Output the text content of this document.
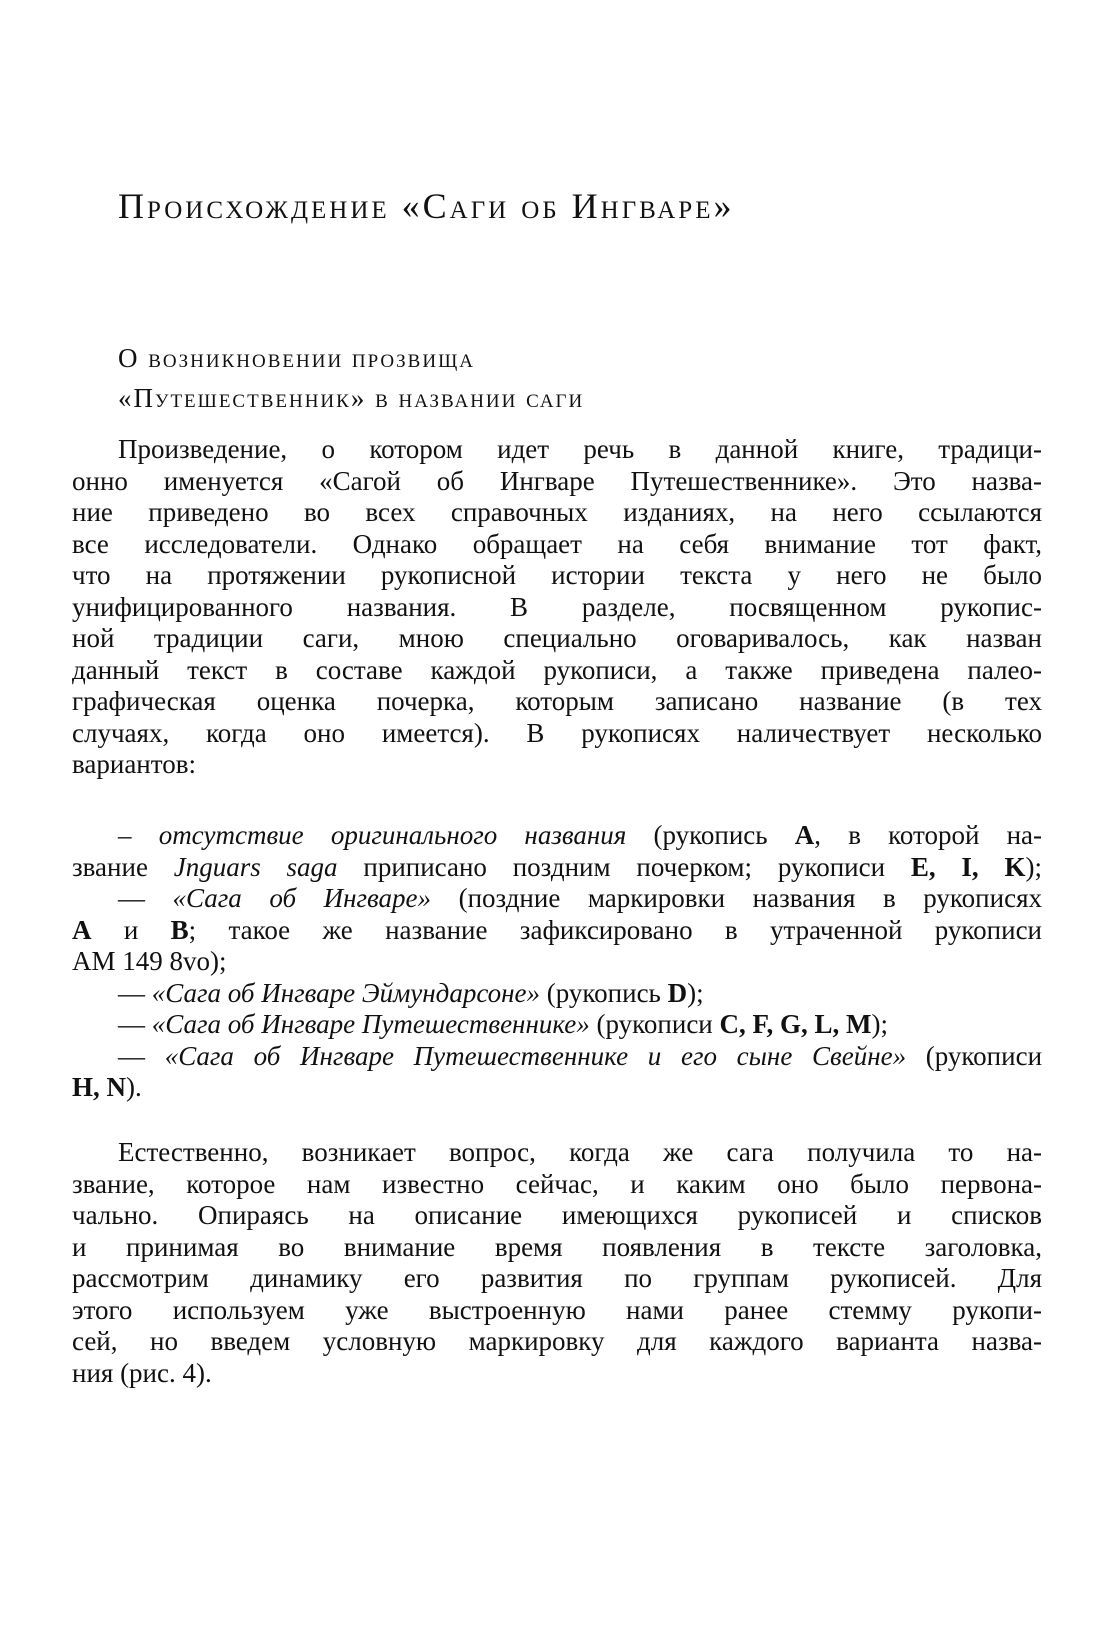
Происхождение «Саги об Ингваре»
О возникновении прозвища
«Путешественник» в названии саги
Произведение, о котором идет речь в данной книге, традици-
онно именуется «Сагой об Ингваре Путешественнике». Это назва-
ние приведено во всех справочных изданиях, на него ссылаются
все исследователи. Однако обращает на себя внимание тот факт,
что на протяжении рукописной истории текста у него не было
унифицированного названия. В разделе, посвященном рукопис-
ной традиции саги, мною специально оговаривалось, как назван
данный текст в составе каждой рукописи, а также приведена палео-
графическая оценка почерка, которым записано название (в тех
случаях, когда оно имеется). В рукописях наличествует несколько
вариантов:
– отсутствие оригинального названия (рукопись A, в которой на-
звание Jnguars saga приписано поздним почерком; рукописи E, I, K);
— «Сага об Ингваре» (поздние маркировки названия в рукописях
A и B; такое же название зафиксировано в утраченной рукописи
AM 149 8vo);
— «Сага об Ингваре Эймундарсоне» (рукопись D);
— «Сага об Ингваре Путешественнике» (рукописи C, F, G, L, M);
— «Сага об Ингваре Путешественнике и его сыне Свейне» (рукописи
H, N).
Естественно, возникает вопрос, когда же сага получила то на-
звание, которое нам известно сейчас, и каким оно было первона-
чально. Опираясь на описание имеющихся рукописей и списков
и принимая во внимание время появления в тексте заголовка,
рассмотрим динамику его развития по группам рукописей. Для
этого используем уже выстроенную нами ранее стемму рукопи-
сей, но введем условную маркировку для каждого варианта назва-
ния (рис. 4).
